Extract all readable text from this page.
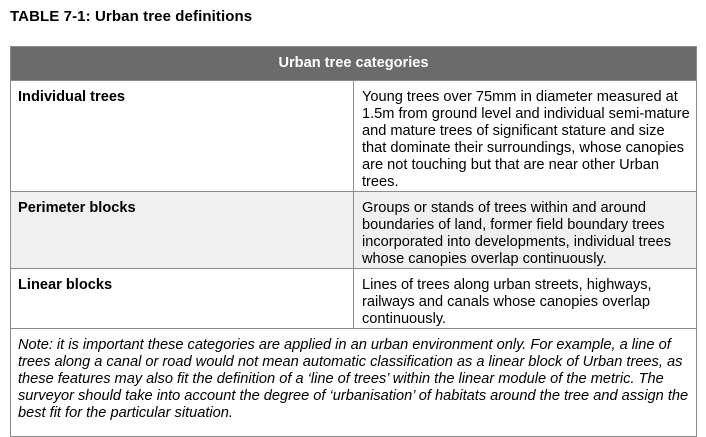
TABLE 7-1: Urban tree definitions
Urban tree categories	
Individual trees	Young trees over 75mm in diameter measured at 1.5m from ground level and individual semi-mature and mature trees of significant stature and size that dominate their surroundings, whose canopies are not touching but that are near other Urban trees.
Perimeter blocks	Groups or stands of trees within and around boundaries of land, former field boundary trees incorporated into developments, individual trees whose canopies overlap continuously.
Linear blocks	Lines of trees along urban streets, highways, railways and canals whose canopies overlap continuously.
Note: it is important these categories are applied in an urban environment only. For example, a line of trees along a canal or road would not mean automatic classification as a linear block of Urban trees, as these features may also fit the definition of a ‘line of trees’ within the linear module of the metric. The surveyor should take into account the degree of ‘urbanisation’ of habitats around the tree and assign the best fit for the particular situation.	
